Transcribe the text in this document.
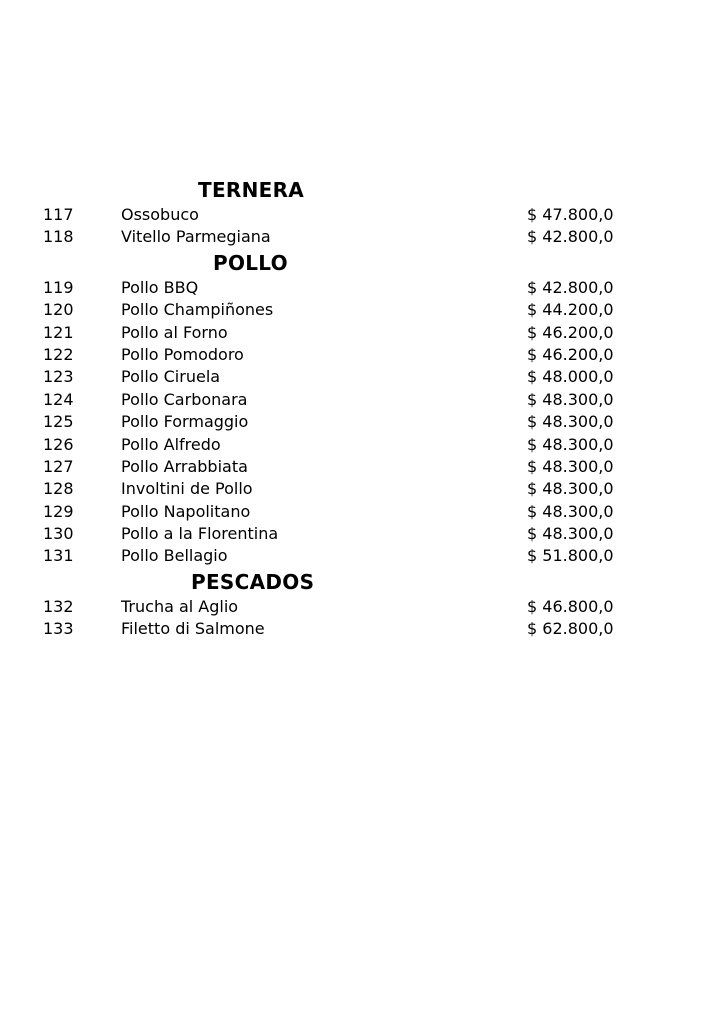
TERNERA
117	Ossobuco	$ 47.800,0
118	Vitello Parmegiana	$ 42.800,0
POLLO
119	Pollo BBQ	$ 42.800,0
120	Pollo Champiñones	$ 44.200,0
121	Pollo al Forno	$ 46.200,0
122	Pollo Pomodoro	$ 46.200,0
123	Pollo Ciruela	$ 48.000,0
124	Pollo Carbonara	$ 48.300,0
125	Pollo Formaggio	$ 48.300,0
126	Pollo Alfredo	$ 48.300,0
127	Pollo Arrabbiata	$ 48.300,0
128	Involtini de Pollo	$ 48.300,0
129	Pollo Napolitano	$ 48.300,0
130	Pollo a la Florentina	$ 48.300,0
131	Pollo Bellagio	$ 51.800,0
PESCADOS
132	Trucha al Aglio	$ 46.800,0
133	Filetto di Salmone	$ 62.800,0
